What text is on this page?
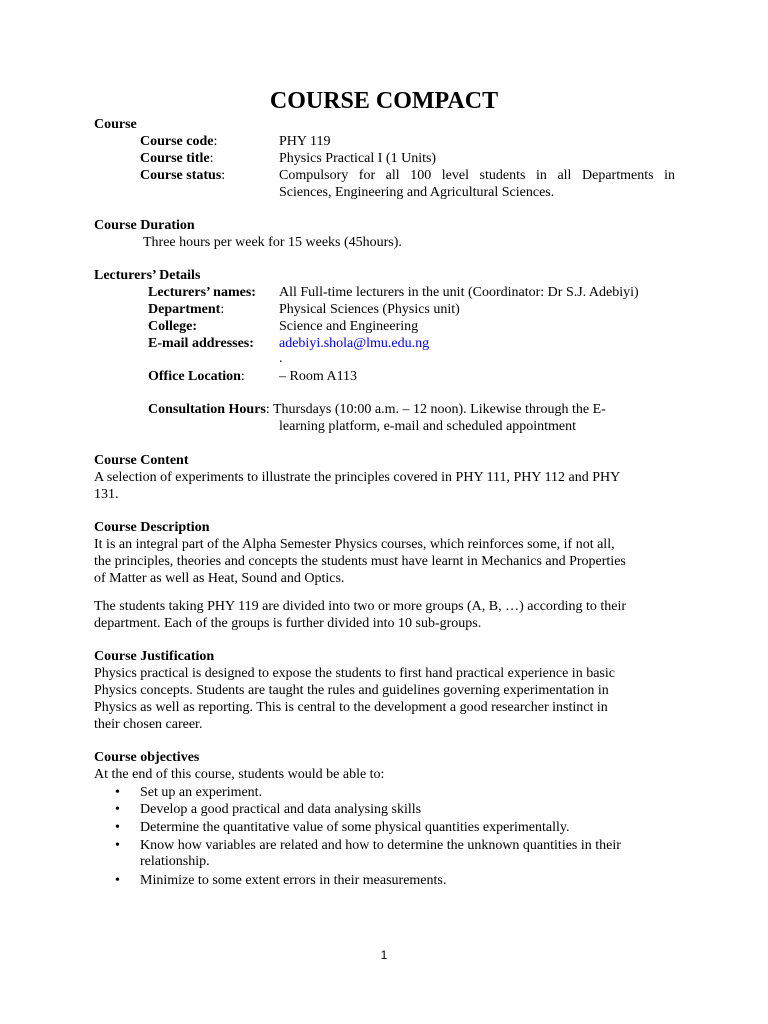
COURSE COMPACT
Course
Course code:	PHY 119
Course title:	Physics Practical I (1 Units)
Course status:	Compulsory for all 100 level students in all Departments in
Sciences, Engineering and Agricultural Sciences.
Course Duration
Three hours per week for 15 weeks (45hours).
Lecturers’ Details
Lecturers’ names: All Full-time lecturers in the unit (Coordinator: Dr S.J. Adebiyi)
Department:	Physical Sciences (Physics unit)
College:	Science and Engineering
E-mail addresses: adebiyi.shola@lmu.edu.ng
.
Office Location: – Room A113
Consultation Hours: Thursdays (10:00 a.m. – 12 noon). Likewise through the E-
learning platform, e-mail and scheduled appointment
Course Content
A selection of experiments to illustrate the principles covered in PHY 111, PHY 112 and PHY
131.
Course Description
It is an integral part of the Alpha Semester Physics courses, which reinforces some, if not all,
the principles, theories and concepts the students must have learnt in Mechanics and Properties
of Matter as well as Heat, Sound and Optics.
The students taking PHY 119 are divided into two or more groups (A, B, …) according to their
department. Each of the groups is further divided into 10 sub-groups.
Course Justification
Physics practical is designed to expose the students to first hand practical experience in basic
Physics concepts. Students are taught the rules and guidelines governing experimentation in
Physics as well as reporting. This is central to the development a good researcher instinct in
their chosen career.
Course objectives
At the end of this course, students would be able to:
• Set up an experiment.
• Develop a good practical and data analysing skills
• Determine the quantitative value of some physical quantities experimentally.
• Know how variables are related and how to determine the unknown quantities in their
relationship.
• Minimize to some extent errors in their measurements.
1
